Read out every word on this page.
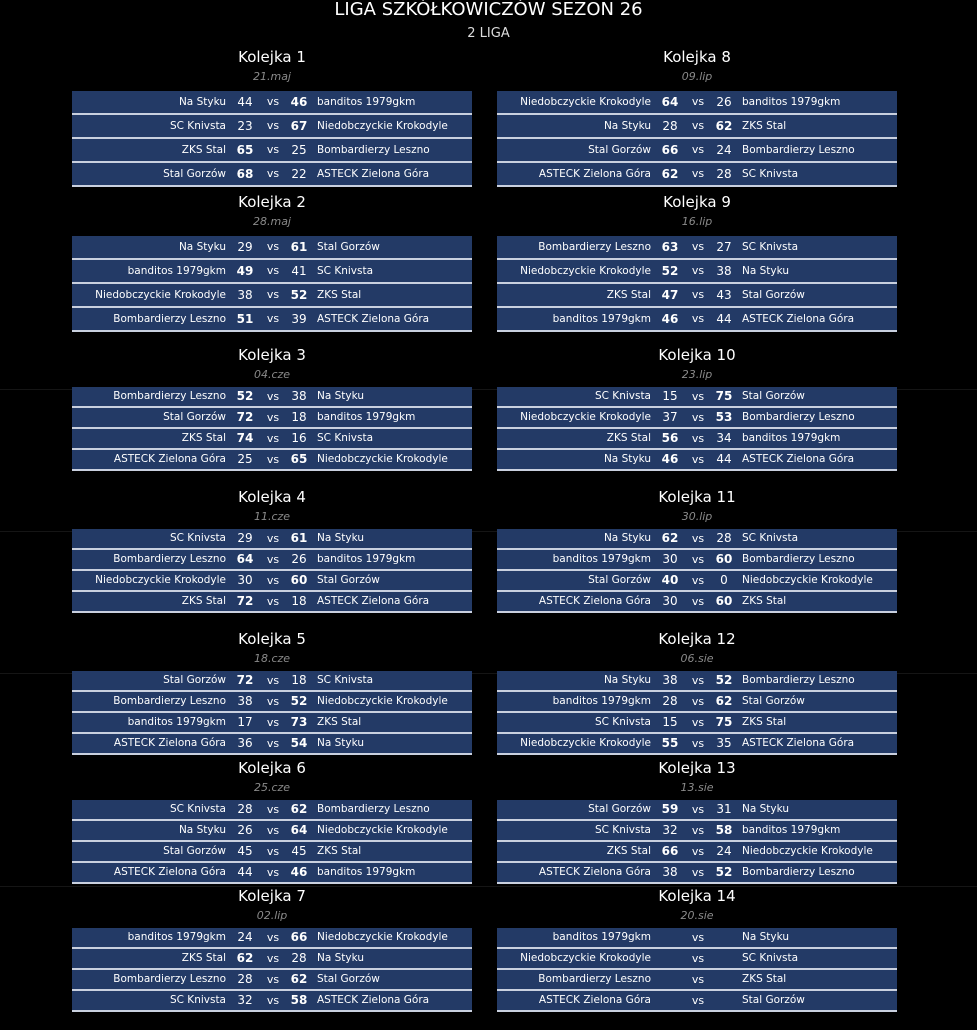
LIGA SZKÓŁKOWICZÓW SEZON 26
2 LIGA
Kolejka 1
21.maj
Na Styku 44	vs 46 banditos 1979gkm
SC Knivsta 23	vs 67 Niedobczyckie Krokodyle
ZKS Stal 65	vs	25 Bombardierzy Leszno
Stal Gorzów 68	vs	22 ASTECK Zielona Góra
Kolejka 2
28.maj
Na Styku 29	vs 61 Stal Gorzów
banditos 1979gkm 49	vs	41 SC Knivsta
Niedobczyckie Krokodyle 38	vs 52 ZKS Stal
Bombardierzy Leszno 51	vs	39 ASTECK Zielona Góra
Kolejka 3
04.cze
Bombardierzy Leszno 52	vs	38 Na Styku
Stal Gorzów 72	vs	18 banditos 1979gkm
ZKS Stal 74	vs	16 SC Knivsta
ASTECK Zielona Góra 25	vs 65 Niedobczyckie Krokodyle
Kolejka 4
11.cze
SC Knivsta 29	vs 61 Na Styku
Bombardierzy Leszno 64	vs	26 banditos 1979gkm
Niedobczyckie Krokodyle 30	vs 60 Stal Gorzów
ZKS Stal 72	vs	18 ASTECK Zielona Góra
Kolejka 5
18.cze
Stal Gorzów 72	vs	18 SC Knivsta
Bombardierzy Leszno 38	vs 52 Niedobczyckie Krokodyle
banditos 1979gkm 17	vs 73 ZKS Stal
ASTECK Zielona Góra 36	vs 54 Na Styku
Kolejka 6
25.cze
SC Knivsta 28	vs 62 Bombardierzy Leszno
Na Styku 26	vs 64 Niedobczyckie Krokodyle
Stal Gorzów 45	vs	45 ZKS Stal
ASTECK Zielona Góra 44	vs 46 banditos 1979gkm
Kolejka 7
02.lip
banditos 1979gkm 24	vs 66 Niedobczyckie Krokodyle
ZKS Stal 62	vs	28 Na Styku
Bombardierzy Leszno 28	vs 62 Stal Gorzów
SC Knivsta 32	vs 58 ASTECK Zielona Góra
Kolejka 8
09.lip
Niedobczyckie Krokodyle 64	vs	26 banditos 1979gkm
Na Styku 28	vs 62 ZKS Stal
Stal Gorzów 66	vs	24 Bombardierzy Leszno
ASTECK Zielona Góra 62	vs	28 SC Knivsta
Kolejka 9
16.lip
Bombardierzy Leszno 63	vs	27 SC Knivsta
Niedobczyckie Krokodyle 52	vs	38 Na Styku
ZKS Stal 47	vs	43 Stal Gorzów
banditos 1979gkm 46	vs	44 ASTECK Zielona Góra
Kolejka 10
23.lip
SC Knivsta 15	vs 75 Stal Gorzów
Niedobczyckie Krokodyle 37	vs 53 Bombardierzy Leszno
ZKS Stal 56	vs	34 banditos 1979gkm
Na Styku 46	vs	44 ASTECK Zielona Góra
Kolejka 11
30.lip
Na Styku 62	vs	28 SC Knivsta
banditos 1979gkm 30	vs 60 Bombardierzy Leszno
Stal Gorzów 40	vs	0	Niedobczyckie Krokodyle
ASTECK Zielona Góra 30	vs 60 ZKS Stal
Kolejka 12
06.sie
Na Styku 38	vs 52 Bombardierzy Leszno
banditos 1979gkm 28	vs 62 Stal Gorzów
SC Knivsta 15	vs 75 ZKS Stal
Niedobczyckie Krokodyle 55	vs	35 ASTECK Zielona Góra
Kolejka 13
13.sie
Stal Gorzów 59	vs	31 Na Styku
SC Knivsta 32	vs 58 banditos 1979gkm
ZKS Stal 66	vs	24 Niedobczyckie Krokodyle
ASTECK Zielona Góra 38	vs 52 Bombardierzy Leszno
Kolejka 14
20.sie
banditos 1979gkm	vs	Na Styku
Niedobczyckie Krokodyle	vs	SC Knivsta
Bombardierzy Leszno	vs	ZKS Stal
ASTECK Zielona Góra	vs	Stal Gorzów
